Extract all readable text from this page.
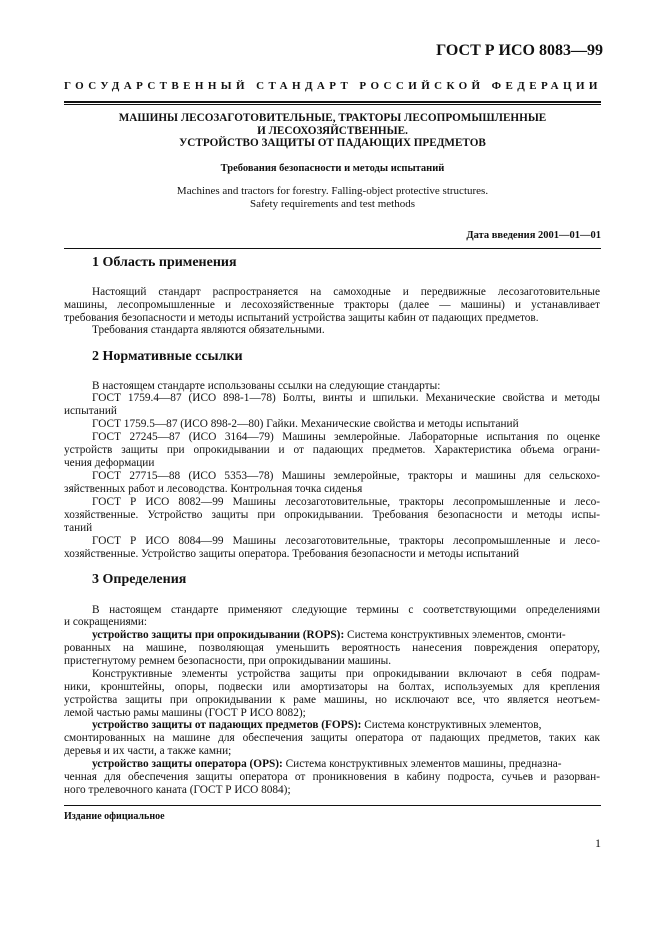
ГОСТ Р ИСО 8083—99
ГОСУДАРСТВЕННЫЙ СТАНДАРТ РОССИЙСКОЙ ФЕДЕРАЦИИ
МАШИНЫ ЛЕСОЗАГОТОВИТЕЛЬНЫЕ, ТРАКТОРЫ ЛЕСОПРОМЫШЛЕННЫЕ
И ЛЕСОХОЗЯЙСТВЕННЫЕ.
УСТРОЙСТВО ЗАЩИТЫ ОТ ПАДАЮЩИХ ПРЕДМЕТОВ
Требования безопасности и методы испытаний
Machines and tractors for forestry. Falling-object protective structures.
Safety requirements and test methods
Дата введения 2001—01—01
1 Область применения
Настоящий стандарт распространяется на самоходные и передвижные лесозаготовительные
машины, лесопромышленные и лесохозяйственные тракторы (далее — машины) и устанавливает
требования безопасности и методы испытаний устройства защиты кабин от падающих предметов.
Требования стандарта являются обязательными.
2 Нормативные ссылки
В настоящем стандарте использованы ссылки на следующие стандарты:
ГОСТ 1759.4—87 (ИСО 898-1—78) Болты, винты и шпильки. Механические свойства и методы
испытаний
ГОСТ 1759.5—87 (ИСО 898-2—80) Гайки. Механические свойства и методы испытаний
ГОСТ 27245—87 (ИСО 3164—79) Машины землеройные. Лабораторные испытания по оценке
устройств защиты при опрокидывании и от падающих предметов. Характеристика объема ограни-
чения деформации
ГОСТ 27715—88 (ИСО 5353—78) Машины землеройные, тракторы и машины для сельскохо-
зяйственных работ и лесоводства. Контрольная точка сиденья
ГОСТ Р ИСО 8082—99 Машины лесозаготовительные, тракторы лесопромышленные и лесо-
хозяйственные. Устройство защиты при опрокидывании. Требования безопасности и методы испы-
таний
ГОСТ Р ИСО 8084—99 Машины лесозаготовительные, тракторы лесопромышленные и лесо-
хозяйственные. Устройство защиты оператора. Требования безопасности и методы испытаний
3 Определения
В настоящем стандарте применяют следующие термины с соответствующими определениями
и сокращениями:
устройство защиты при опрокидывании (ROPS): Система конструктивных элементов, смонти-
рованных на машине, позволяющая уменьшить вероятность нанесения повреждения оператору,
пристегнутому ремнем безопасности, при опрокидывании машины.
Конструктивные элементы устройства защиты при опрокидывании включают в себя подрам-
ники, кронштейны, опоры, подвески или амортизаторы на болтах, используемых для крепления
устройства защиты при опрокидывании к раме машины, но исключают все, что является неотъем-
лемой частью рамы машины (ГОСТ Р ИСО 8082);
устройство защиты от падающих предметов (FOPS): Система конструктивных элементов,
смонтированных на машине для обеспечения защиты оператора от падающих предметов, таких как
деревья и их части, а также камни;
устройство защиты оператора (OPS): Система конструктивных элементов машины, предназна-
ченная для обеспечения защиты оператора от проникновения в кабину подроста, сучьев и разорван-
ного трелевочного каната (ГОСТ Р ИСО 8084);
Издание официальное
1
